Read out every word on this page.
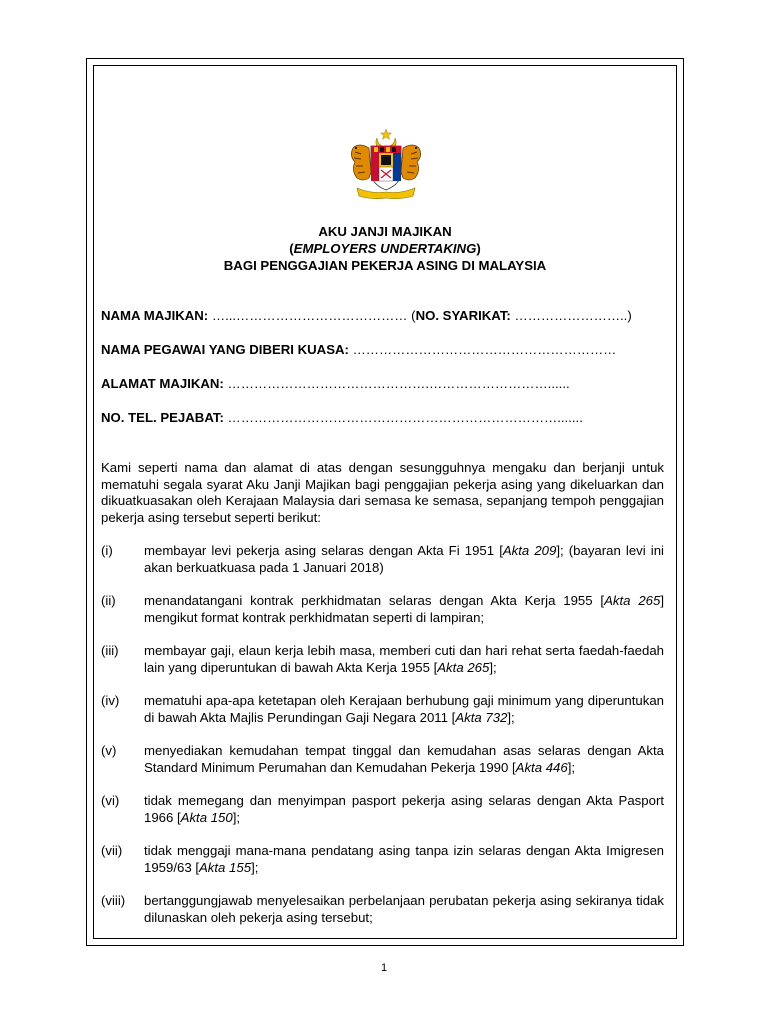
AKU JANJI MAJIKAN
(EMPLOYERS UNDERTAKING)
BAGI PENGGAJIAN PEKERJA ASING DI MALAYSIA
NAMA MAJIKAN: …...………………………………… (NO. SYARIKAT: ……………………..)
NAMA PEGAWAI YANG DIBERI KUASA: ……………………………………………………
ALAMAT MAJIKAN: ……………………………………….………………………......
NO. TEL. PEJABAT: ………………………………………………………………….......
Kami seperti nama dan alamat di atas dengan sesungguhnya mengaku dan berjanji untuk mematuhi segala syarat Aku Janji Majikan bagi penggajian pekerja asing yang dikeluarkan dan dikuatkuasakan oleh Kerajaan Malaysia dari semasa ke semasa, sepanjang tempoh penggajian pekerja asing tersebut seperti berikut:
(i) membayar levi pekerja asing selaras dengan Akta Fi 1951 [Akta 209]; (bayaran levi ini akan berkuatkuasa pada 1 Januari 2018)
(ii) menandatangani kontrak perkhidmatan selaras dengan Akta Kerja 1955 [Akta 265] mengikut format kontrak perkhidmatan seperti di lampiran;
(iii) membayar gaji, elaun kerja lebih masa, memberi cuti dan hari rehat serta faedah-faedah lain yang diperuntukan di bawah Akta Kerja 1955 [Akta 265];
(iv) mematuhi apa-apa ketetapan oleh Kerajaan berhubung gaji minimum yang diperuntukan di bawah Akta Majlis Perundingan Gaji Negara 2011 [Akta 732];
(v) menyediakan kemudahan tempat tinggal dan kemudahan asas selaras dengan Akta Standard Minimum Perumahan dan Kemudahan Pekerja 1990 [Akta 446];
(vi) tidak memegang dan menyimpan pasport pekerja asing selaras dengan Akta Pasport 1966 [Akta 150];
(vii) tidak menggaji mana-mana pendatang asing tanpa izin selaras dengan Akta Imigresen 1959/63 [Akta 155];
(viii) bertanggungjawab menyelesaikan perbelanjaan perubatan pekerja asing sekiranya tidak dilunaskan oleh pekerja asing tersebut;
1
